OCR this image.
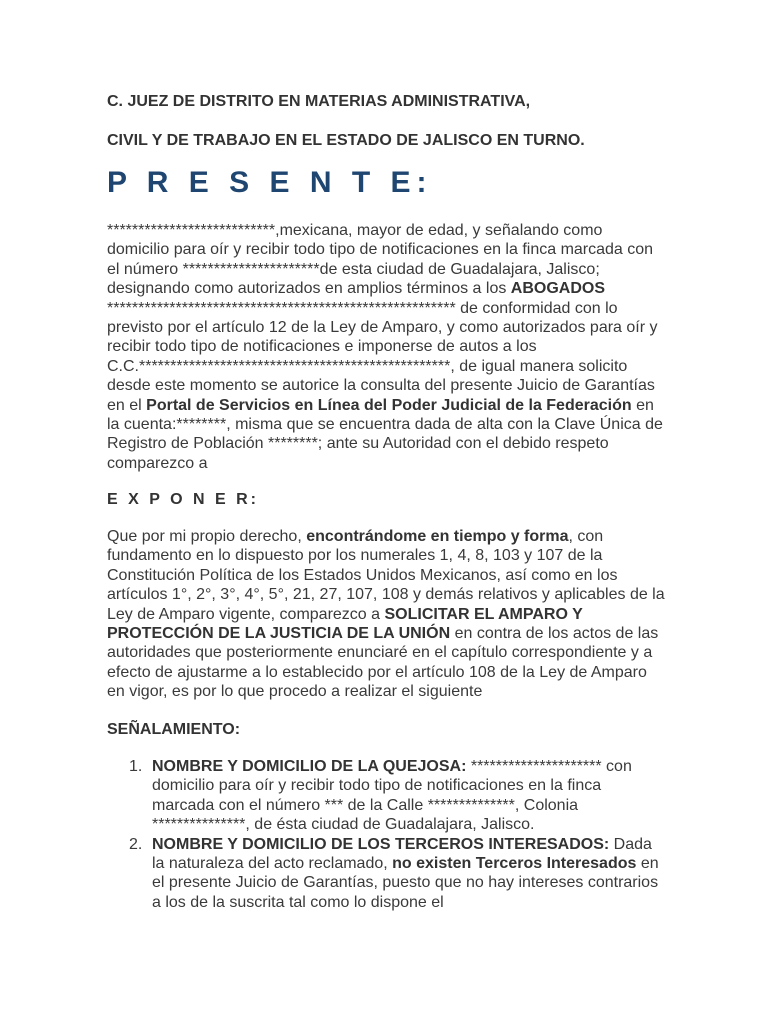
C. JUEZ DE DISTRITO EN MATERIAS ADMINISTRATIVA,

CIVIL Y DE TRABAJO EN EL ESTADO DE JALISCO EN TURNO.

P R E S E N T E:

***************************,mexicana, mayor de edad, y señalando como domicilio para oír y recibir todo tipo de notificaciones en la finca marcada con el número **********************de esta ciudad de Guadalajara, Jalisco; designando como autorizados en amplios términos a los ABOGADOS ******************************************************** de conformidad con lo previsto por el artículo 12 de la Ley de Amparo, y como autorizados para oír y recibir todo tipo de notificaciones e imponerse de autos a los C.C.**************************************************, de igual manera solicito desde este momento se autorice la consulta del presente Juicio de Garantías en el Portal de Servicios en Línea del Poder Judicial de la Federación en la cuenta:********, misma que se encuentra dada de alta con la Clave Única de Registro de Población ********; ante su Autoridad con el debido respeto comparezco a

E X P O N E R:

Que por mi propio derecho, encontrándome en tiempo y forma, con fundamento en lo dispuesto por los numerales 1, 4, 8, 103 y 107 de la Constitución Política de los Estados Unidos Mexicanos, así como en los artículos 1°, 2°, 3°, 4°, 5°, 21, 27, 107, 108 y demás relativos y aplicables de la Ley de Amparo vigente, comparezco a SOLICITAR EL AMPARO Y PROTECCIÓN DE LA JUSTICIA DE LA UNIÓN en contra de los actos de las autoridades que posteriormente enunciaré en el capítulo correspondiente y a efecto de ajustarme a lo establecido por el artículo 108 de la Ley de Amparo en vigor, es por lo que procedo a realizar el siguiente

SEÑALAMIENTO:
1. NOMBRE Y DOMICILIO DE LA QUEJOSA: ********************* con domicilio para oír y recibir todo tipo de notificaciones en la finca marcada con el número *** de la Calle **************, Colonia ***************, de ésta ciudad de Guadalajara, Jalisco.
2. NOMBRE Y DOMICILIO DE LOS TERCEROS INTERESADOS: Dada la naturaleza del acto reclamado, no existen Terceros Interesados en el presente Juicio de Garantías, puesto que no hay intereses contrarios a los de la suscrita tal como lo dispone el
